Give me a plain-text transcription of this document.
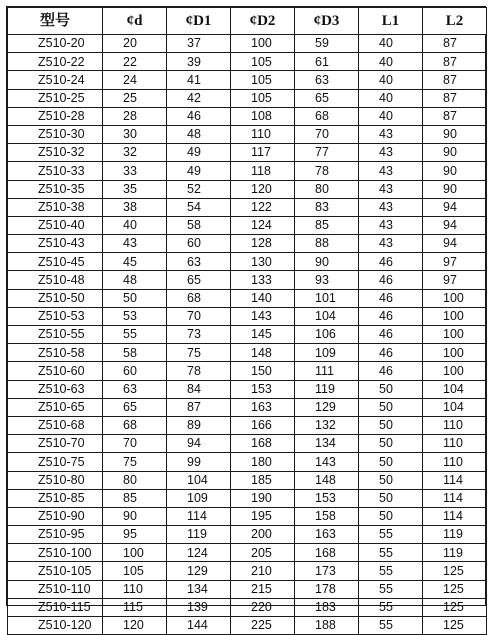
型号	¢d	¢D1	¢D2	¢D3	L1	L2
Z510-20	20	37	100	59	40	87
Z510-22	22	39	105	61	40	87
Z510-24	24	41	105	63	40	87
Z510-25	25	42	105	65	40	87
Z510-28	28	46	108	68	40	87
Z510-30	30	48	110	70	43	90
Z510-32	32	49	117	77	43	90
Z510-33	33	49	118	78	43	90
Z510-35	35	52	120	80	43	90
Z510-38	38	54	122	83	43	94
Z510-40	40	58	124	85	43	94
Z510-43	43	60	128	88	43	94
Z510-45	45	63	130	90	46	97
Z510-48	48	65	133	93	46	97
Z510-50	50	68	140	101	46	100
Z510-53	53	70	143	104	46	100
Z510-55	55	73	145	106	46	100
Z510-58	58	75	148	109	46	100
Z510-60	60	78	150	111	46	100
Z510-63	63	84	153	119	50	104
Z510-65	65	87	163	129	50	104
Z510-68	68	89	166	132	50	110
Z510-70	70	94	168	134	50	110
Z510-75	75	99	180	143	50	110
Z510-80	80	104	185	148	50	114
Z510-85	85	109	190	153	50	114
Z510-90	90	114	195	158	50	114
Z510-95	95	119	200	163	55	119
Z510-100	100	124	205	168	55	119
Z510-105	105	129	210	173	55	125
Z510-110	110	134	215	178	55	125
Z510-115	115	139	220	183	55	125
Z510-120	120	144	225	188	55	125
